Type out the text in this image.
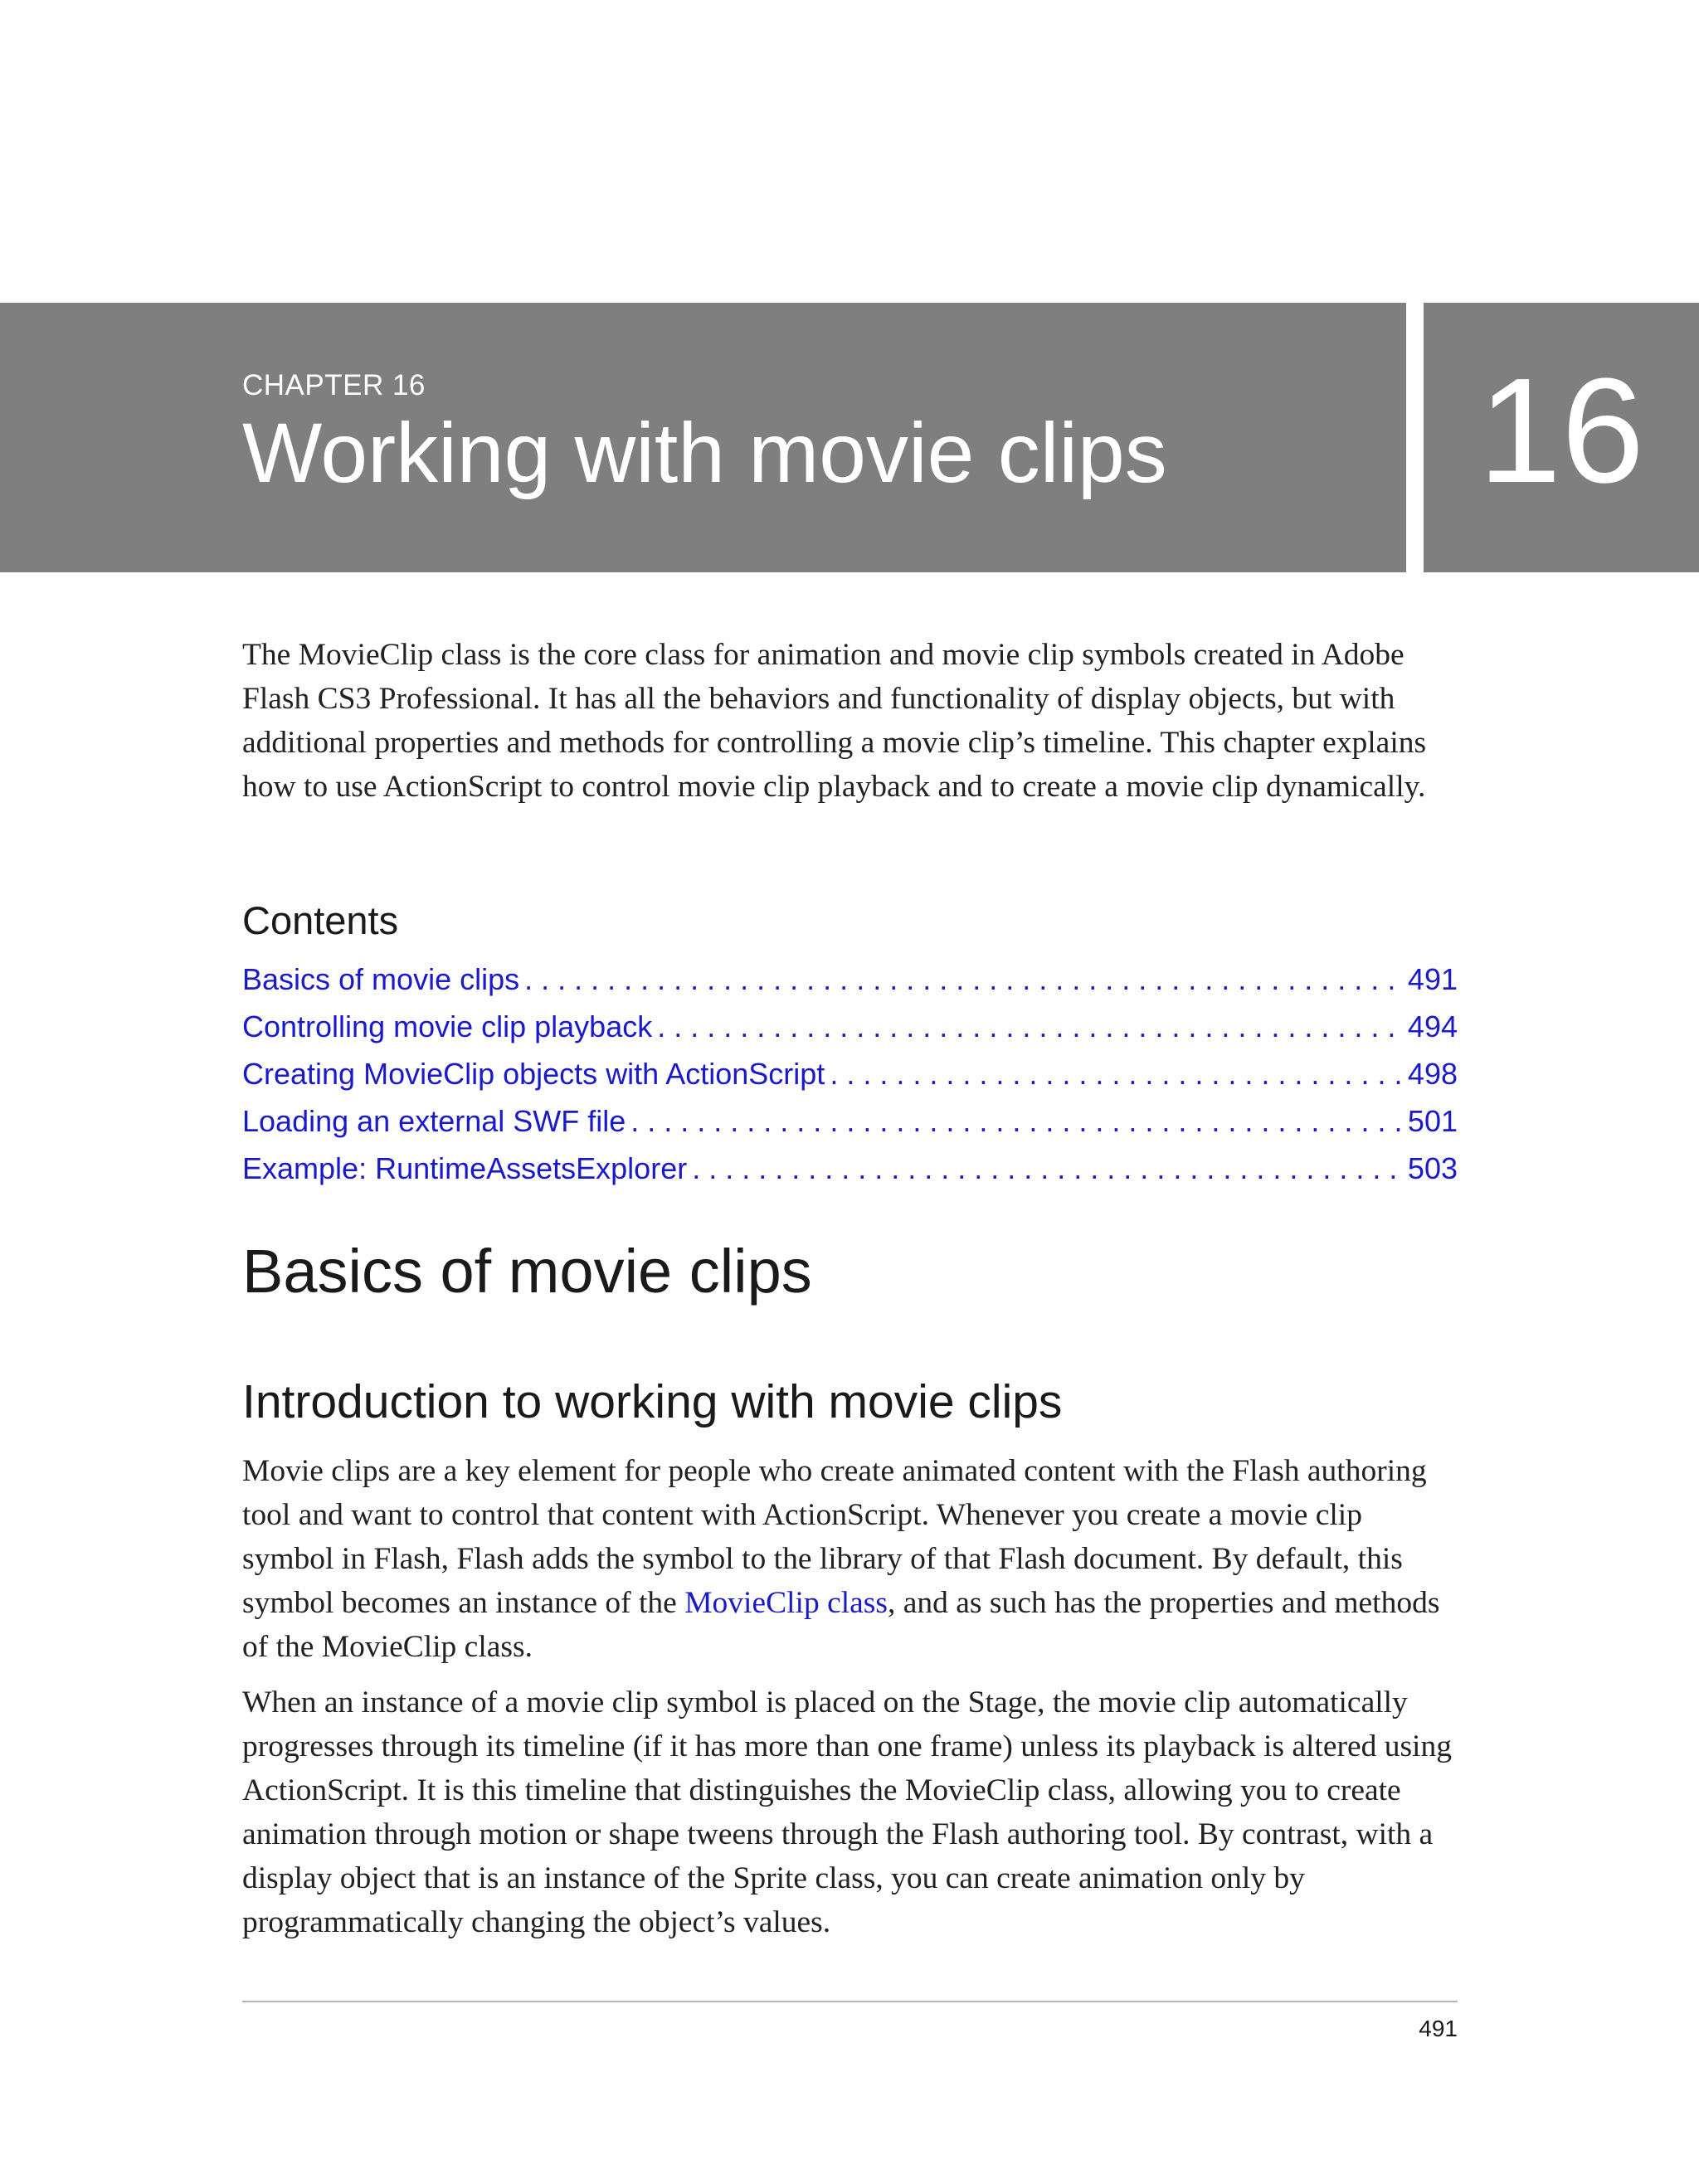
CHAPTER 16

Working with movie clips	16

The MovieClip class is the core class for animation and movie clip symbols created in Adobe Flash CS3 Professional. It has all the behaviors and functionality of display objects, but with additional properties and methods for controlling a movie clip’s timeline. This chapter explains how to use ActionScript to control movie clip playback and to create a movie clip dynamically.

Contents
Basics of movie clips . . .	491
Controlling movie clip playback . . .	494
Creating MovieClip objects with ActionScript . . .	498
Loading an external SWF file . . .	501
Example: RuntimeAssetsExplorer . . .	503
Basics of movie clips
Introduction to working with movie clips

Movie clips are a key element for people who create animated content with the Flash authoring tool and want to control that content with ActionScript. Whenever you create a movie clip symbol in Flash, Flash adds the symbol to the library of that Flash document. By default, this symbol becomes an instance of the MovieClip class, and as such has the properties and methods of the MovieClip class.

When an instance of a movie clip symbol is placed on the Stage, the movie clip automatically progresses through its timeline (if it has more than one frame) unless its playback is altered using ActionScript. It is this timeline that distinguishes the MovieClip class, allowing you to create animation through motion or shape tweens through the Flash authoring tool. By contrast, with a display object that is an instance of the Sprite class, you can create animation only by programmatically changing the object’s values.

491
